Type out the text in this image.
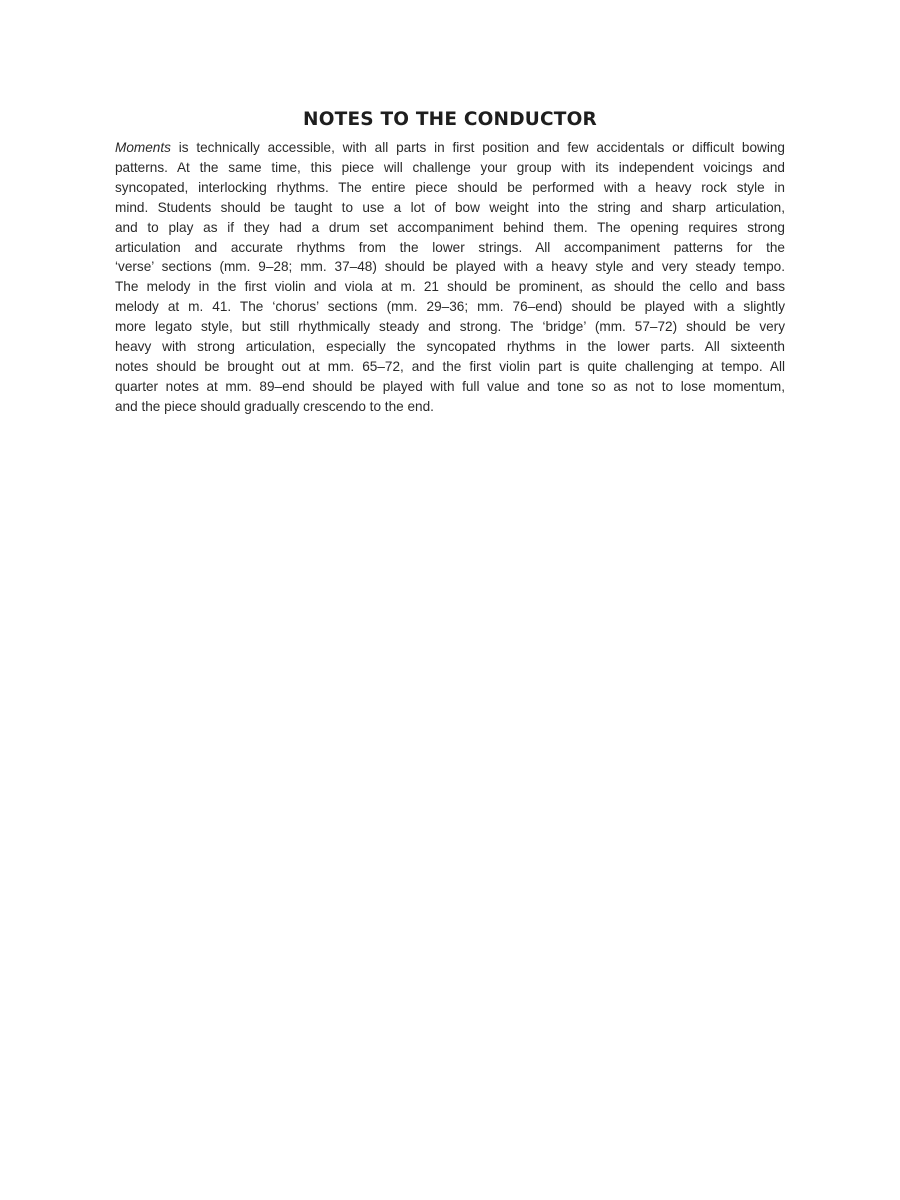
NOTES TO THE CONDUCTOR
Moments is technically accessible, with all parts in first position and few accidentals or difficult bowing
patterns. At the same time, this piece will challenge your group with its independent voicings and
syncopated, interlocking rhythms. The entire piece should be performed with a heavy rock style in
mind. Students should be taught to use a lot of bow weight into the string and sharp articulation,
and to play as if they had a drum set accompaniment behind them. The opening requires strong
articulation and accurate rhythms from the lower strings. All accompaniment patterns for the
‘verse’ sections (mm. 9–28; mm. 37–48) should be played with a heavy style and very steady tempo.
The melody in the first violin and viola at m. 21 should be prominent, as should the cello and bass
melody at m. 41. The ‘chorus’ sections (mm. 29–36; mm. 76–end) should be played with a slightly
more legato style, but still rhythmically steady and strong. The ‘bridge’ (mm. 57–72) should be very
heavy with strong articulation, especially the syncopated rhythms in the lower parts. All sixteenth
notes should be brought out at mm. 65–72, and the first violin part is quite challenging at tempo. All
quarter notes at mm. 89–end should be played with full value and tone so as not to lose momentum,
and the piece should gradually crescendo to the end.
